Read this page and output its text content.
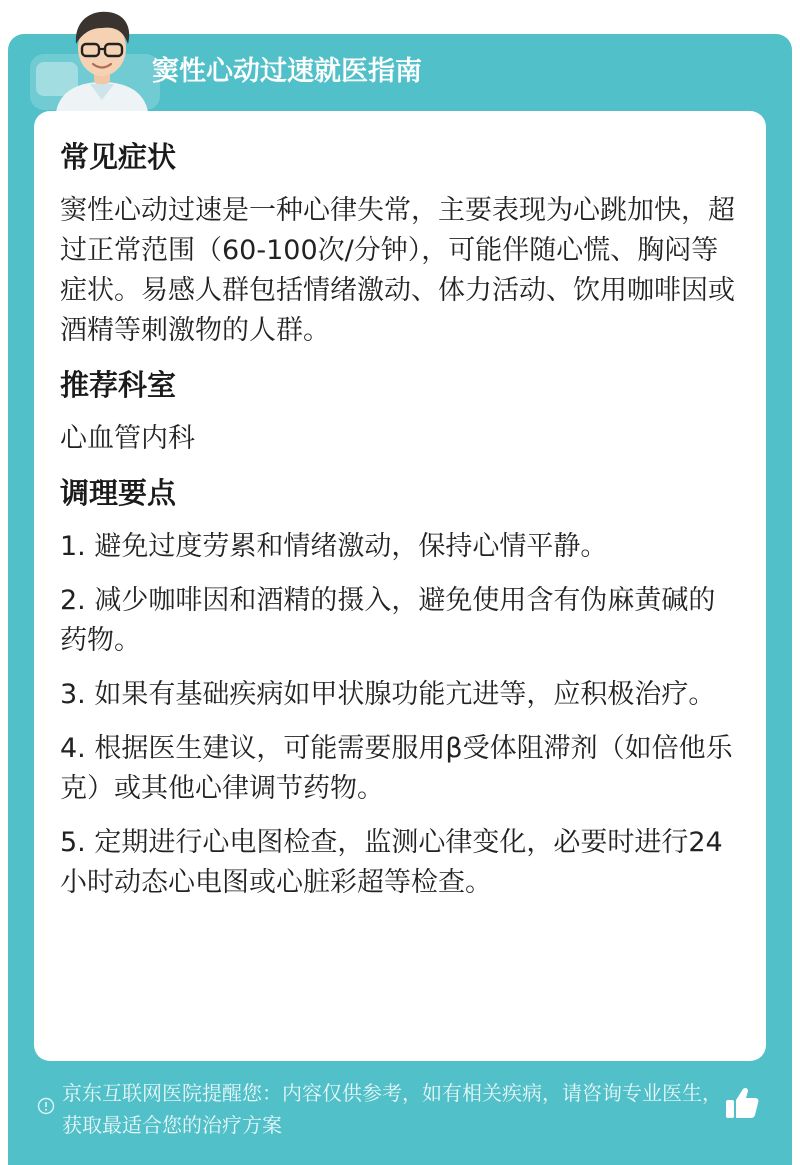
窦性心动过速就医指南
常见症状
窦性心动过速是一种心律失常，主要表现为心跳加快，超过正常范围（60-100次/分钟），可能伴随心慌、胸闷等症状。易感人群包括情绪激动、体力活动、饮用咖啡因或酒精等刺激物的人群。
推荐科室
心血管内科
调理要点
1. 避免过度劳累和情绪激动，保持心情平静。
2. 减少咖啡因和酒精的摄入，避免使用含有伪麻黄碱的药物。
3. 如果有基础疾病如甲状腺功能亢进等，应积极治疗。
4. 根据医生建议，可能需要服用β受体阻滞剂（如倍他乐克）或其他心律调节药物。
5. 定期进行心电图检查，监测心律变化，必要时进行24小时动态心电图或心脏彩超等检查。
京东互联网医院提醒您：内容仅供参考，如有相关疾病，请咨询专业医生，获取最适合您的治疗方案
